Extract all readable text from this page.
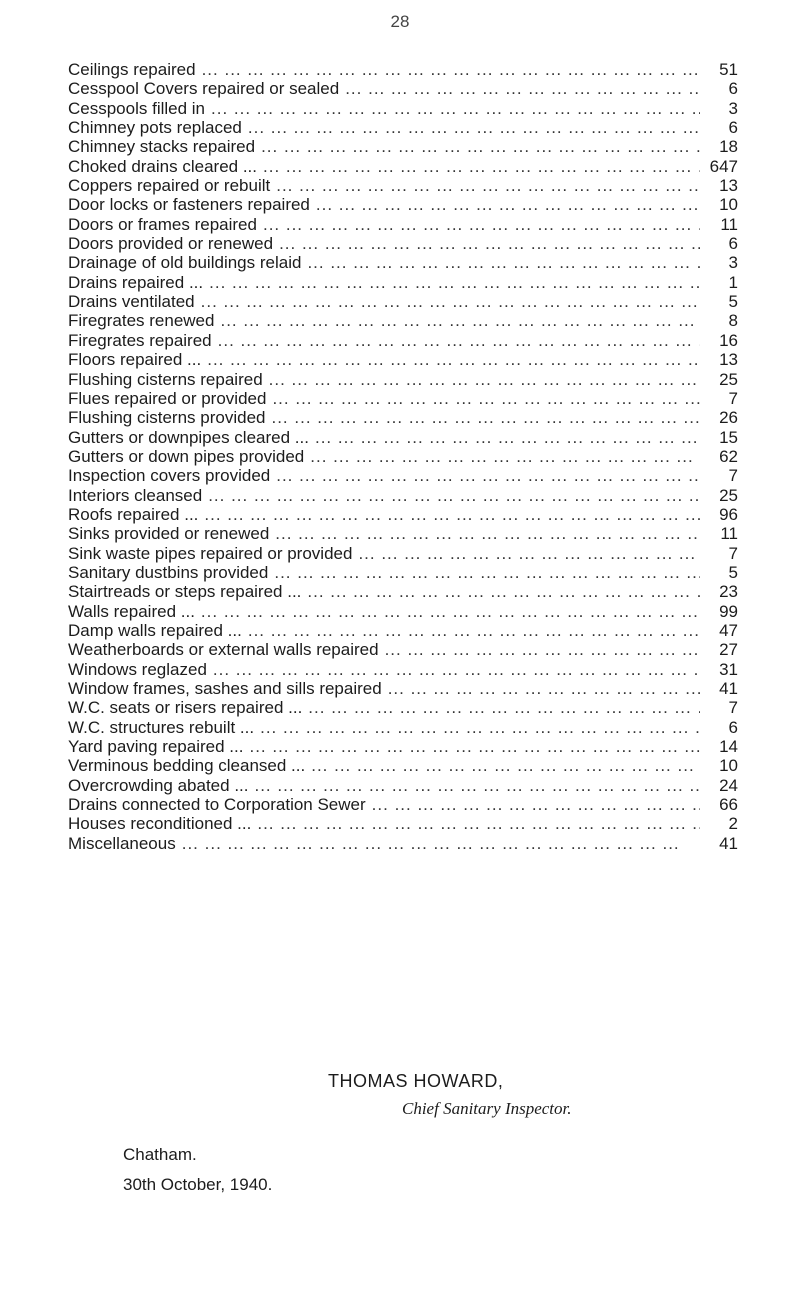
28
Ceilings repaired ... .	51
Cesspool Covers repaired or sealed ... .	6
Cesspools filled in ... .	3
Chimney pots replaced ... .	6
Chimney stacks repaired ... .	18
Choked drains cleared ... ... .	647
Coppers repaired or rebuilt ... .	13
Door locks or fasteners repaired ... .	10
Doors or frames repaired ... .	11
Doors provided or renewed ... .	6
Drainage of old buildings relaid ... .	3
Drains repaired ... ... .	1
Drains ventilated ... .	5
Firegrates renewed ... .	8
Firegrates repaired ... .	16
Floors repaired ... ... .	13
Flushing cisterns repaired ... .	25
Flues repaired or provided ... .	7
Flushing cisterns provided ... .	26
Gutters or downpipes cleared ... ... .	15
Gutters or down pipes provided ... .	62
Inspection covers provided ... .	7
Interiors cleansed ... .	25
Roofs repaired ... ... .	96
Sinks provided or renewed ... .	11
Sink waste pipes repaired or provided ... .	7
Sanitary dustbins provided ... .	5
Stairtreads or steps repaired ... ... .	23
Walls repaired ... ... .	99
Damp walls repaired ... ... .	47
Weatherboards or external walls repaired ... .	27
Windows reglazed ... .	31
Window frames, sashes and sills repaired ... .	41
W.C. seats or risers repaired ... ... .	7
W.C. structures rebuilt ... ... .	6
Yard paving repaired ... ... .	14
Verminous bedding cleansed ... ... .	10
Overcrowding abated ... ... .	24
Drains connected to Corporation Sewer ... .	66
Houses reconditioned ... ... .	2
Miscellaneous ... .	41
THOMAS HOWARD,
Chief Sanitary Inspector.
Chatham.
30th October, 1940.
